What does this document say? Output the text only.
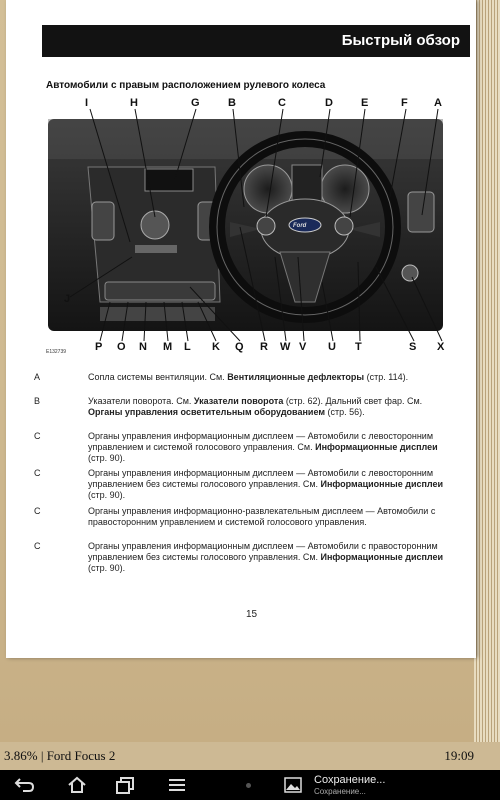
Быстрый обзор
Автомобили с правым расположением рулевого колеса
I	H	G	B	C	D	E	F A
J
P O N M L K Q R W V U T	S X
Ford
E132739
A	Сопла системы вентиляции. См. Вентиляционные дефлекторы (стр. 114).
B	Указатели поворота. См. Указатели поворота (стр. 62). Дальний свет фар. См. Органы управления осветительным оборудованием (стр. 56).
C	Органы управления информационным дисплеем — Автомобили с левосторонним управлением и системой голосового управления. См. Информационные дисплеи (стр. 90).
C	Органы управления информационным дисплеем — Автомобили с левосторонним управлением без системы голосового управления. См. Информационные дисплеи (стр. 90).
C	Органы управления информационно-развлекательным дисплеем — Автомобили с правосторонним управлением и системой голосового управления.
C	Органы управления информационным дисплеем — Автомобили с правосторонним управлением без системы голосового управления. См. Информационные дисплеи (стр. 90).
15
3.86% | Ford Focus 2	19:09
Сохранение...
Сохранение...
